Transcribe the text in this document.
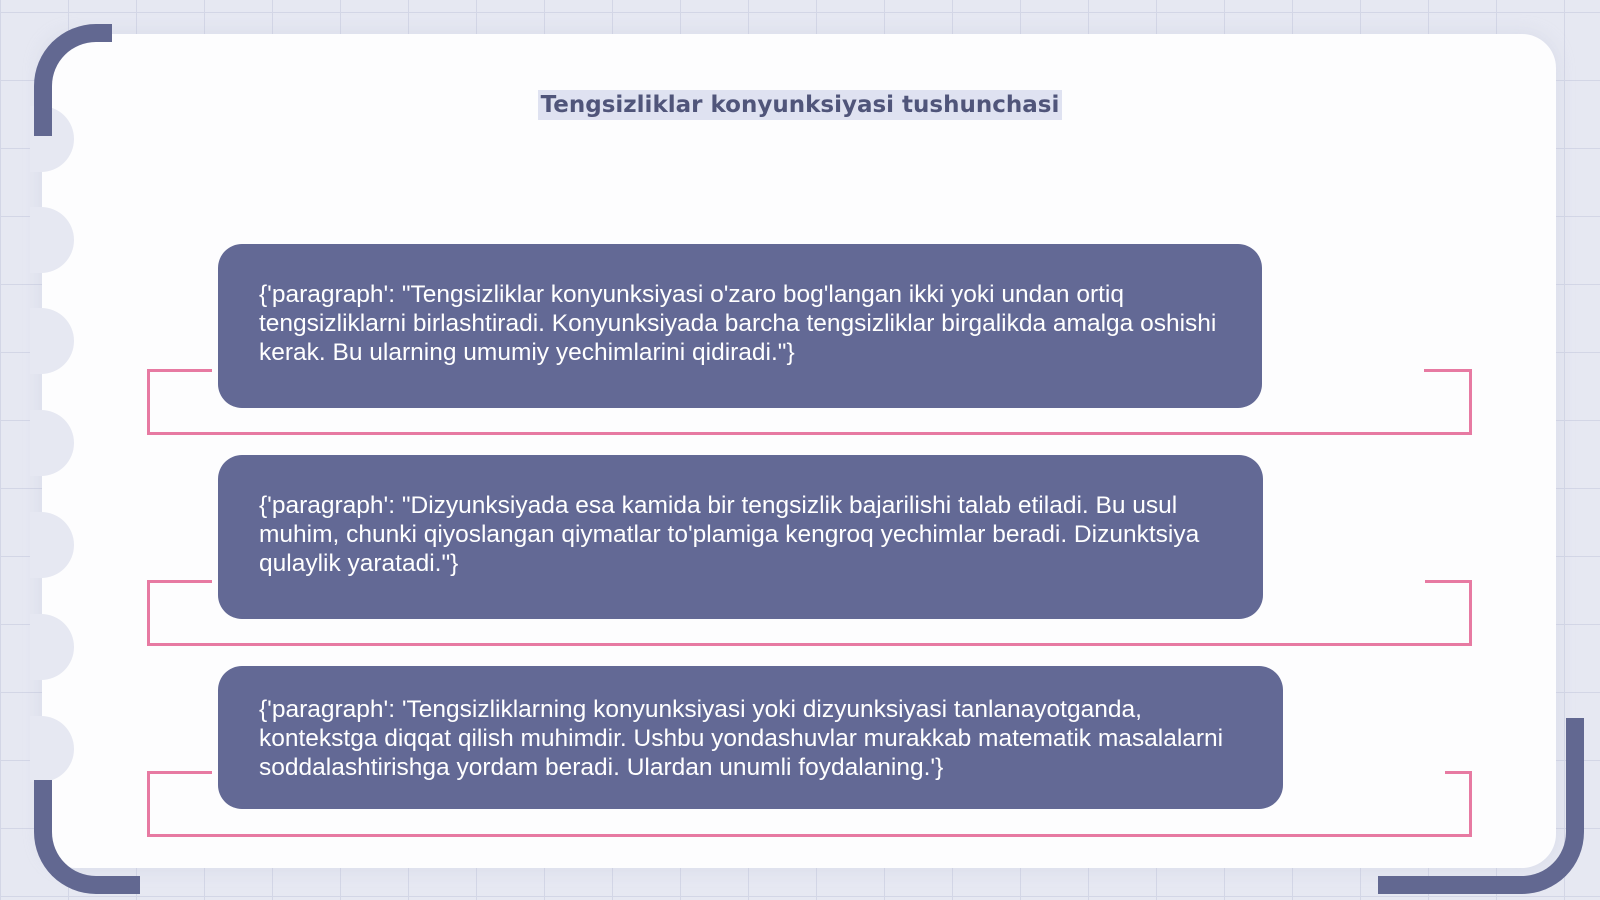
Tengsizliklar konyunksiyasi tushunchasi
{'paragraph': "Tengsizliklar konyunksiyasi o'zaro bog'langan ikki yoki undan ortiq tengsizliklarni birlashtiradi. Konyunksiyada barcha tengsizliklar birgalikda amalga oshishi kerak. Bu ularning umumiy yechimlarini qidiradi."}
{'paragraph': "Dizyunksiyada esa kamida bir tengsizlik bajarilishi talab etiladi. Bu usul muhim, chunki qiyoslangan qiymatlar to'plamiga kengroq yechimlar beradi. Dizunktsiya qulaylik yaratadi."}
{'paragraph': 'Tengsizliklarning konyunksiyasi yoki dizyunksiyasi tanlanayotganda, kontekstga diqqat qilish muhimdir. Ushbu yondashuvlar murakkab matematik masalalarni soddalashtirishga yordam beradi. Ulardan unumli foydalaning.'}
